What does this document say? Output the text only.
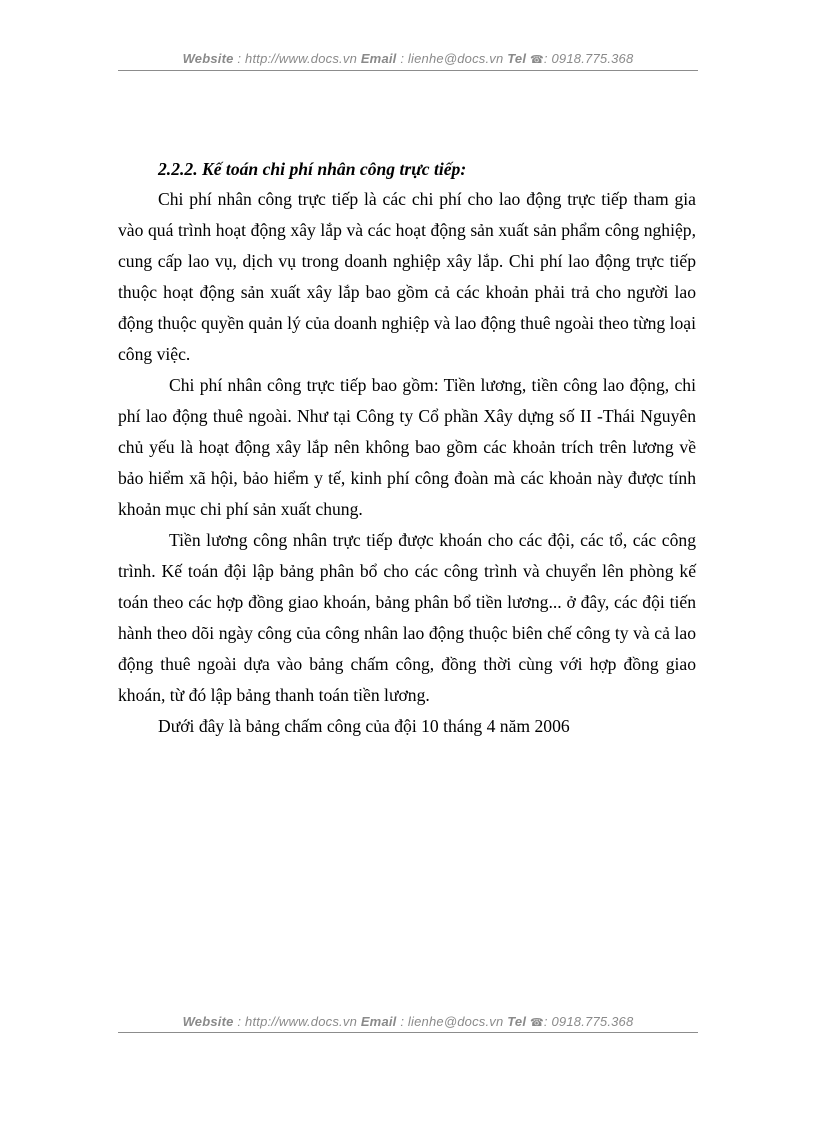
Website : http://www.docs.vn Email : lienhe@docs.vn Tel ☎: 0918.775.368

2.2.2. Kế toán chi phí nhân công trực tiếp:

Chi phí nhân công trực tiếp là các chi phí cho lao động trực tiếp tham gia vào quá trình hoạt động xây lắp và các hoạt động sản xuất sản phẩm công nghiệp, cung cấp lao vụ, dịch vụ trong doanh nghiệp xây lắp. Chi phí lao động trực tiếp thuộc hoạt động sản xuất xây lắp bao gồm cả các khoản phải trả cho người lao động thuộc quyền quản lý của doanh nghiệp và lao động thuê ngoài theo từng loại công việc.

Chi phí nhân công trực tiếp bao gồm: Tiền lương, tiền công lao động, chi phí lao động thuê ngoài. Như tại Công ty Cổ phần Xây dựng số II -Thái Nguyên chủ yếu là hoạt động xây lắp nên không bao gồm các khoản trích trên lương về bảo hiểm xã hội, bảo hiểm y tế, kinh phí công đoàn mà các khoản này được tính khoản mục chi phí sản xuất chung.

Tiền lương công nhân trực tiếp được khoán cho các đội, các tổ, các công trình. Kế toán đội lập bảng phân bổ cho các công trình và chuyển lên phòng kế toán theo các hợp đồng giao khoán, bảng phân bổ tiền lương... ở đây, các đội tiến hành theo dõi ngày công của công nhân lao động thuộc biên chế công ty và cả lao động thuê ngoài dựa vào bảng chấm công, đồng thời cùng với hợp đồng giao khoán, từ đó lập bảng thanh toán tiền lương.

Dưới đây là bảng chấm công của đội 10 tháng 4 năm 2006

Website : http://www.docs.vn Email : lienhe@docs.vn Tel ☎: 0918.775.368
